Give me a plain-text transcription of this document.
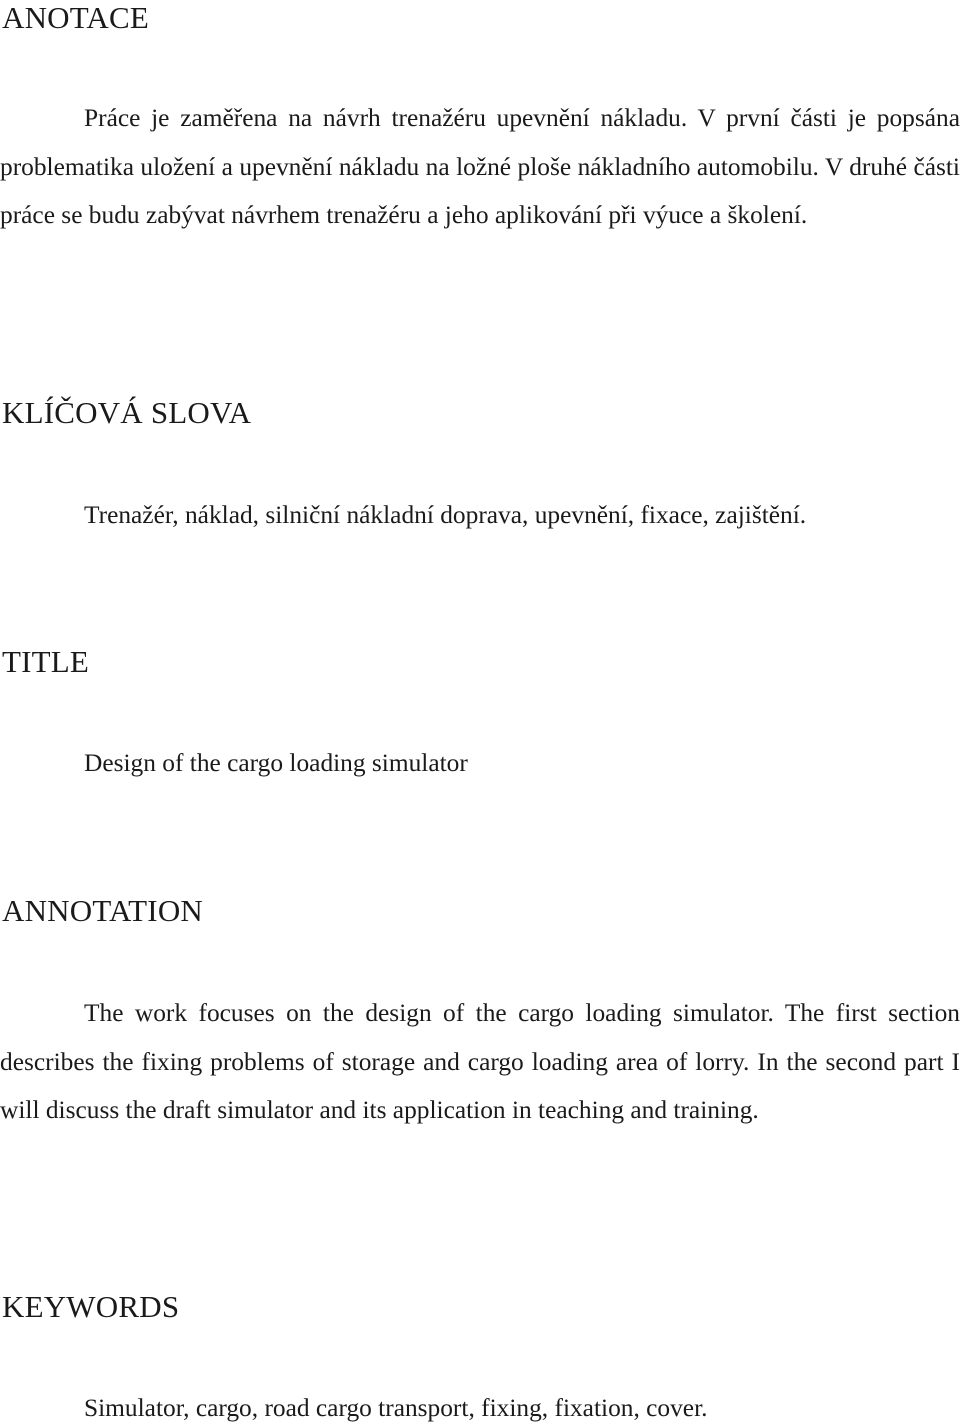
ANOTACE

Práce je zaměřena na návrh trenažéru upevnění nákladu. V první části je popsána problematika uložení a upevnění nákladu na ložné ploše nákladního automobilu. V druhé části práce se budu zabývat návrhem trenažéru a jeho aplikování při výuce a školení.

KLÍČOVÁ SLOVA

Trenažér, náklad, silniční nákladní doprava, upevnění, fixace, zajištění.

TITLE

Design of the cargo loading simulator

ANNOTATION

The work focuses on the design of the cargo loading simulator. The first section describes the fixing problems of storage and cargo loading area of lorry. In the second part I will discuss the draft simulator and its application in teaching and training.

KEYWORDS

Simulator, cargo, road cargo transport, fixing, fixation, cover.
